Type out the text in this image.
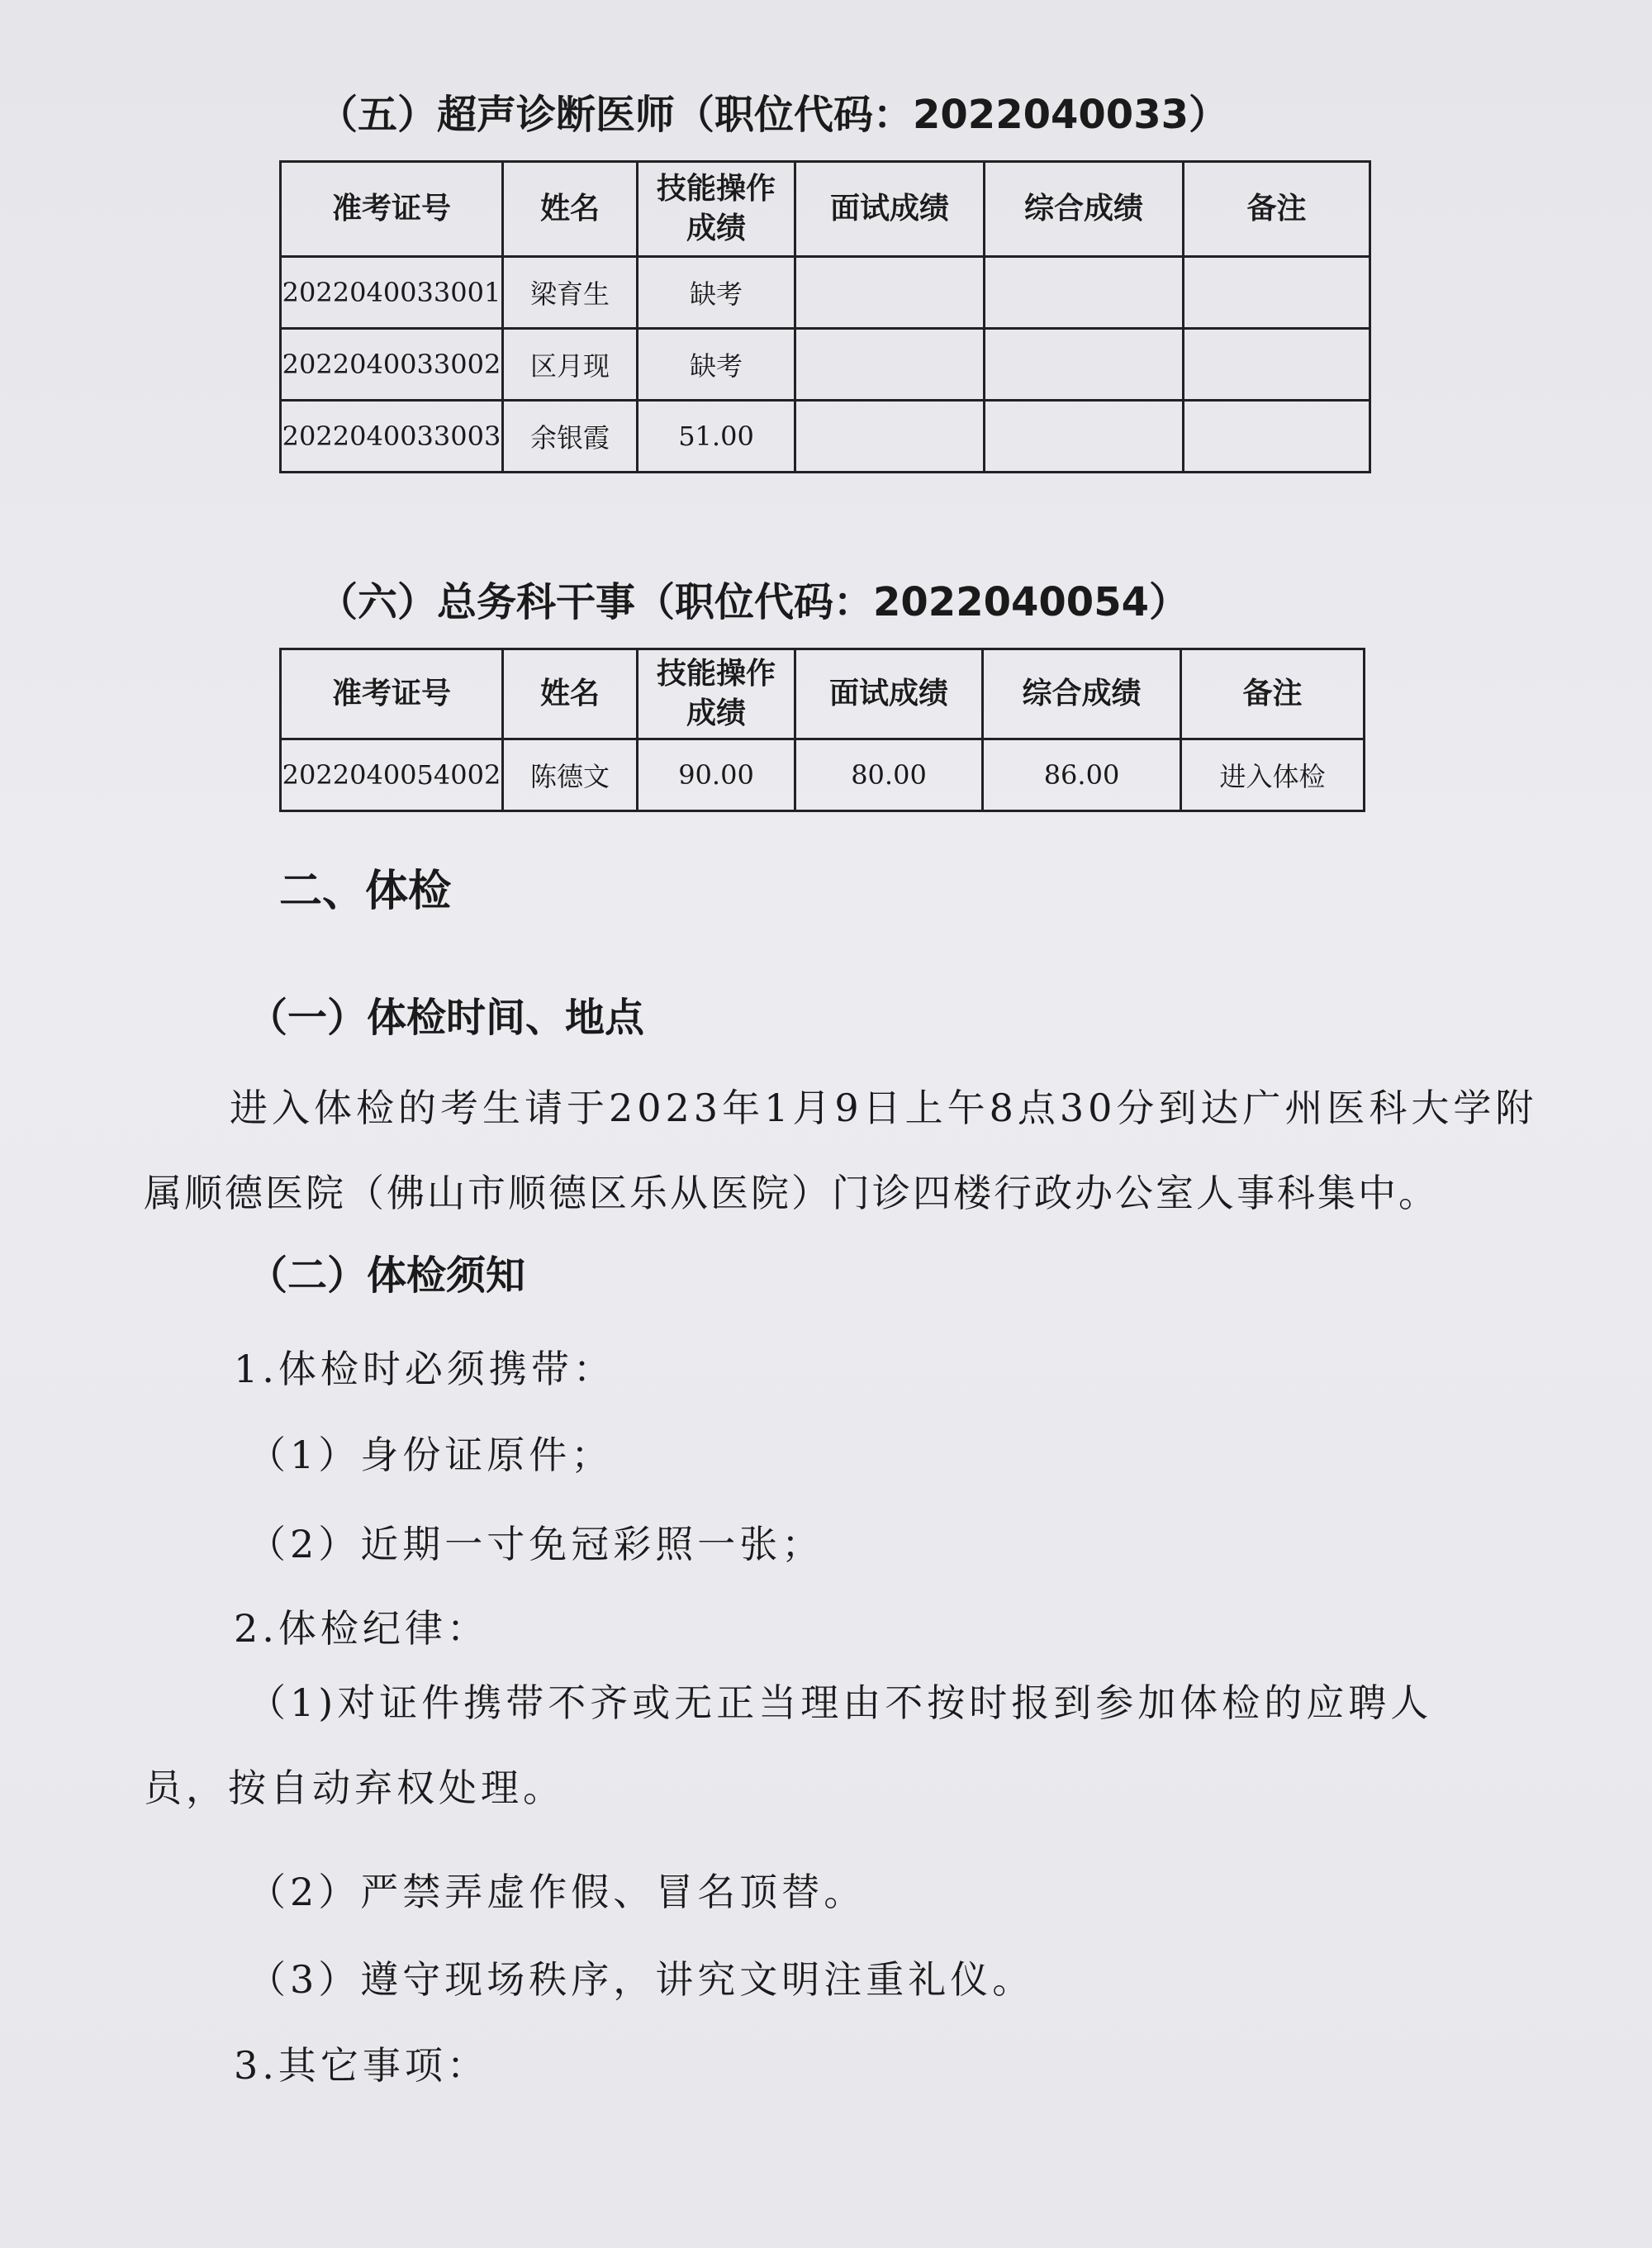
（五）超声诊断医师（职位代码：2022040033）
准考证号	姓名	技能操作成绩	面试成绩	综合成绩	备注
2022040033001	梁育生	缺考			
2022040033002	区月现	缺考			
2022040033003	余银霞	51.00			
（六）总务科干事（职位代码：2022040054）
准考证号	姓名	技能操作成绩	面试成绩	综合成绩	备注
2022040054002	陈德文	90.00	80.00	86.00	进入体检
二、体检
（一）体检时间、地点
进入体检的考生请于2023年1月9日上午8点30分到达广州医科大学附
属顺德医院（佛山市顺德区乐从医院）门诊四楼行政办公室人事科集中。
（二）体检须知
1.体检时必须携带：
（1）身份证原件；
（2）近期一寸免冠彩照一张；
2.体检纪律：
（1)对证件携带不齐或无正当理由不按时报到参加体检的应聘人
员，按自动弃权处理。
（2）严禁弄虚作假、冒名顶替。
（3）遵守现场秩序，讲究文明注重礼仪。
3.其它事项：
